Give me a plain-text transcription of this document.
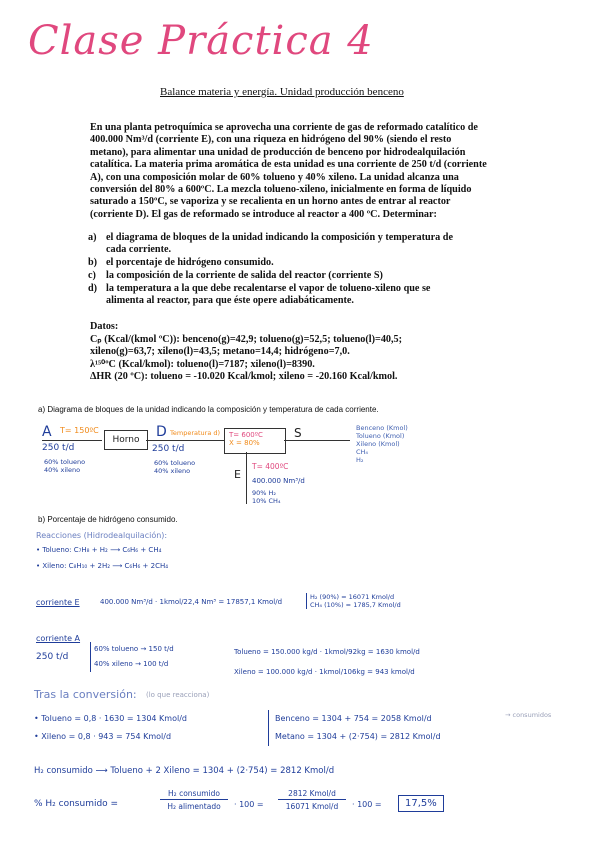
Clase Práctica 4
Balance materia y energía. Unidad producción benceno
En una planta petroquímica se aprovecha una corriente de gas de reformado catalítico de
400.000 Nm³/d (corriente E), con una riqueza en hidrógeno del 90% (siendo el resto
metano), para alimentar una unidad de producción de benceno por hidrodealquilación
catalítica. La materia prima aromática de esta unidad es una corriente de 250 t/d (corriente
A), con una composición molar de 60% tolueno y 40% xileno. La unidad alcanza una
conversión del 80% a 600ºC. La mezcla tolueno-xileno, inicialmente en forma de líquido
saturado a 150ºC, se vaporiza y se recalienta en un horno antes de entrar al reactor
(corriente D). El gas de reformado se introduce al reactor a 400 ºC. Determinar:
a) el diagrama de bloques de la unidad indicando la composición y temperatura de
cada corriente.
b) el porcentaje de hidrógeno consumido.
c) la composición de la corriente de salida del reactor (corriente S)
d) la temperatura a la que debe recalentarse el vapor de tolueno-xileno que se
alimenta al reactor, para que éste opere adiabáticamente.
Datos:
Cₚ (Kcal/(kmol ºC)): benceno(g)=42,9; tolueno(g)=52,5; tolueno(l)=40,5;
xileno(g)=63,7; xileno(l)=43,5; metano=14,4; hidrógeno=7,0.
λ¹⁵⁰ºC (Kcal/kmol): tolueno(l)=7187; xileno(l)=8390.
ΔHR (20 ºC): tolueno = -10.020 Kcal/kmol; xileno = -20.160 Kcal/kmol.
a) Diagrama de bloques de la unidad indicando la composición y temperatura de cada corriente.
A T= 150ºC
250 t/d
60% tolueno
40% xileno
Horno	D Temperatura d)
250 t/d
60% tolueno
40% xileno
T= 600ºC
X = 80%
S	Benceno (Kmol)
Tolueno (Kmol)
Xileno (Kmol)
CH₄
H₂
E
T= 400ºC
400.000 Nm³/d
90% H₂
10% CH₄
b) Porcentaje de hidrógeno consumido.
Reacciones (Hidrodealquilación):
• Tolueno: C₇H₈ + H₂ ⟶ C₆H₆ + CH₄
• Xileno: C₈H₁₀ + 2H₂ ⟶ C₆H₆ + 2CH₄
corriente E	400.000 Nm³/d · 1kmol/22,4 Nm³ = 17857,1 Kmol/d
H₂ (90%) = 16071 Kmol/d
CH₄ (10%) = 1785,7 Kmol/d
corriente A
250 t/d
60% tolueno → 150 t/d
40% xileno → 100 t/d
Tolueno = 150.000 kg/d · 1kmol/92kg = 1630 kmol/d
Xileno = 100.000 kg/d · 1kmol/106kg = 943 kmol/d
Tras la conversión: (lo que reacciona)
• Tolueno = 0,8 · 1630 = 1304 Kmol/d
• Xileno = 0,8 · 943 = 754 Kmol/d
Benceno = 1304 + 754 = 2058 Kmol/d
Metano = 1304 + (2·754) = 2812 Kmol/d
→ consumidos
H₂ consumido ⟶ Tolueno + 2 Xileno = 1304 + (2·754) = 2812 Kmol/d
% H₂ consumido =
H₂ consumido
H₂ alimentado	· 100 =
2812 Kmol/d
16071 Kmol/d	· 100 =	17,5%
